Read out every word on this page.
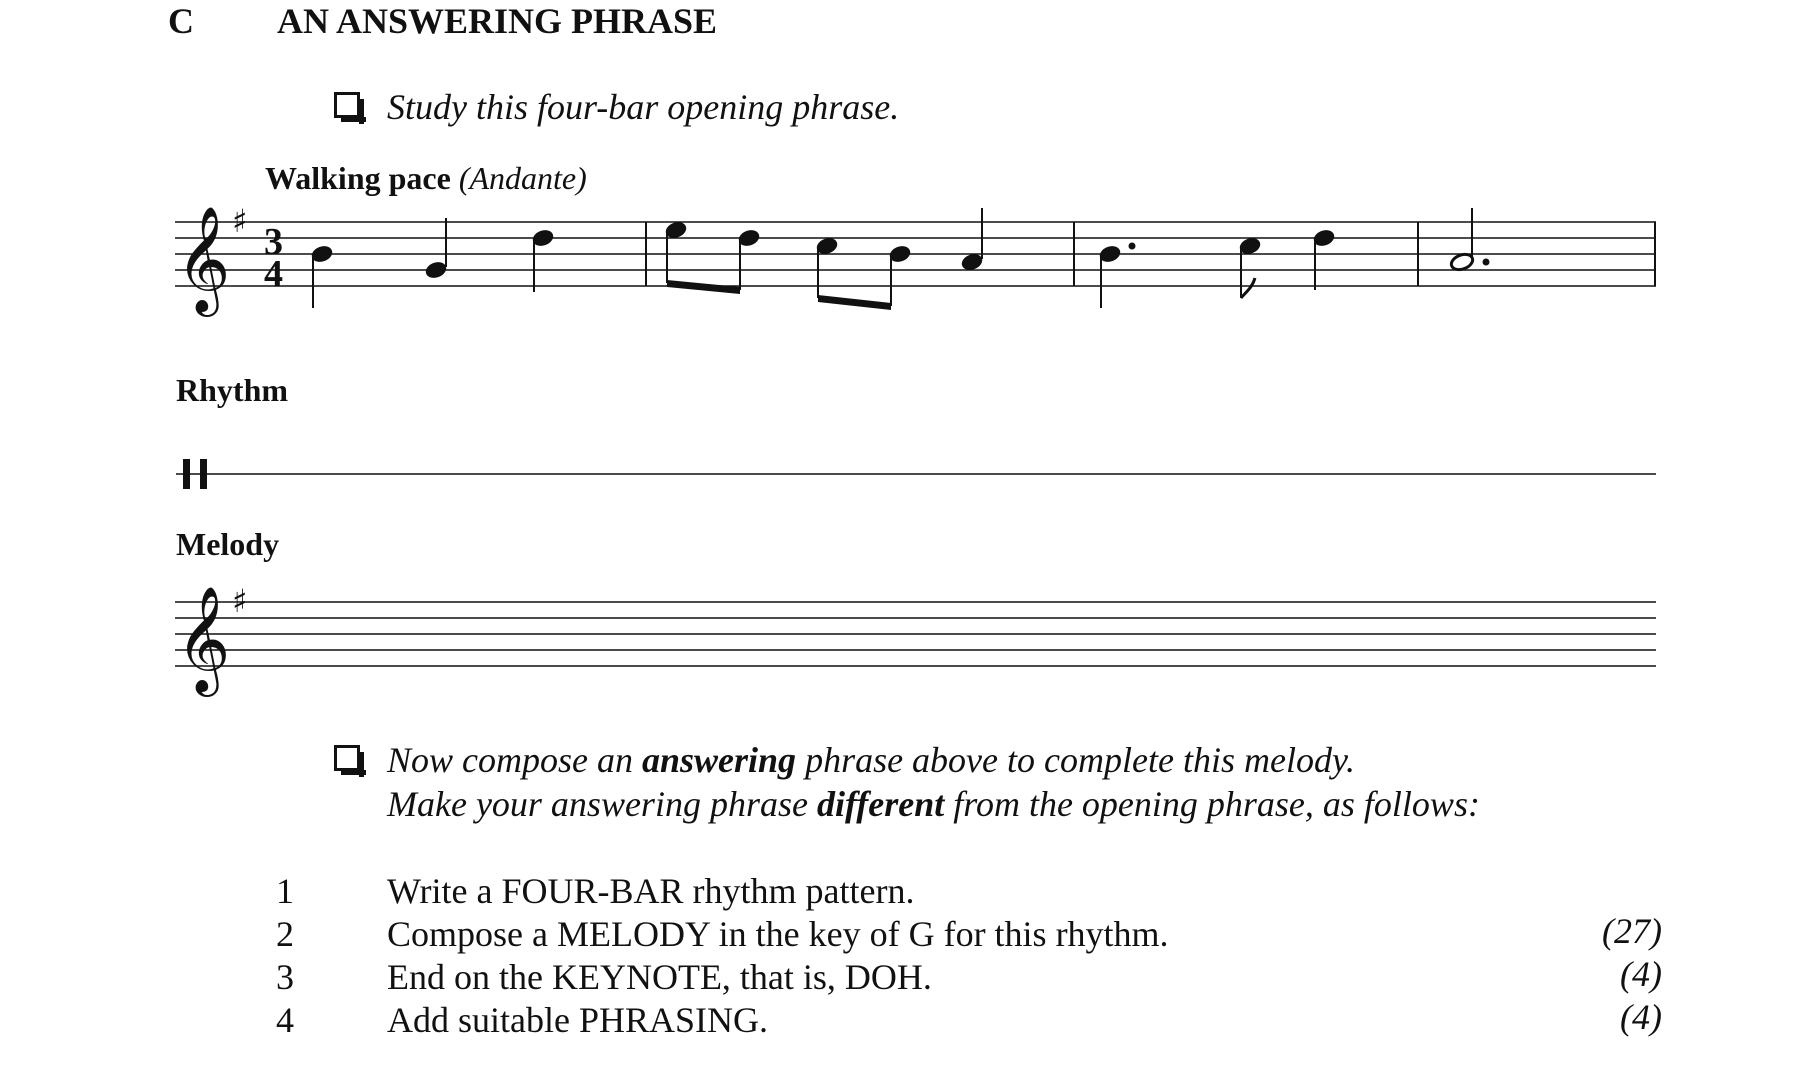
C AN ANSWERING PHRASE
Study this four-bar opening phrase.
Walking pace (Andante)
𝄞 ♯ 3
4
𝄞 ♯
Rhythm
Melody
Now compose an answering phrase above to complete this melody.
Make your answering phrase different from the opening phrase, as follows:
1	Write a FOUR-BAR rhythm pattern.
2	Compose a MELODY in the key of G for this rhythm.	(27)
3	End on the KEYNOTE, that is, DOH.	(4)
4	Add suitable PHRASING.	(4)
